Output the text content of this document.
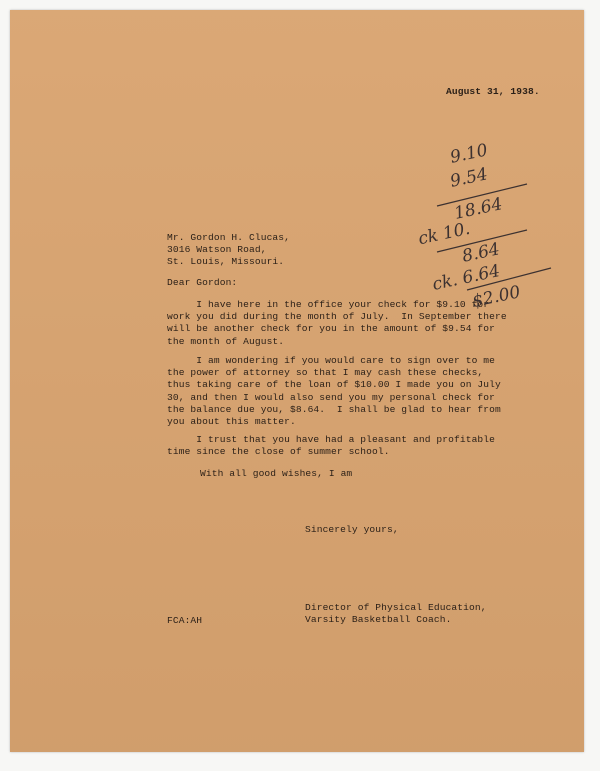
August 31, 1938.
Mr. Gordon H. Clucas,
3016 Watson Road,
St. Louis, Missouri.
Dear Gordon:
I have here in the office your check for $9.10 for
work you did during the month of July.  In September there
will be another check for you in the amount of $9.54 for
the month of August.
I am wondering if you would care to sign over to me
the power of attorney so that I may cash these checks,
thus taking care of the loan of $10.00 I made you on July
30, and then I would also send you my personal check for
the balance due you, $8.64.  I shall be glad to hear from
you about this matter.
I trust that you have had a pleasant and profitable
time since the close of summer school.
With all good wishes, I am
Sincerely yours,
Director of Physical Education,
Varsity Basketball Coach.
FCA:AH
9.10
9.54
18.64
ck 10.
8.64
ck. 6.64
$2.00
